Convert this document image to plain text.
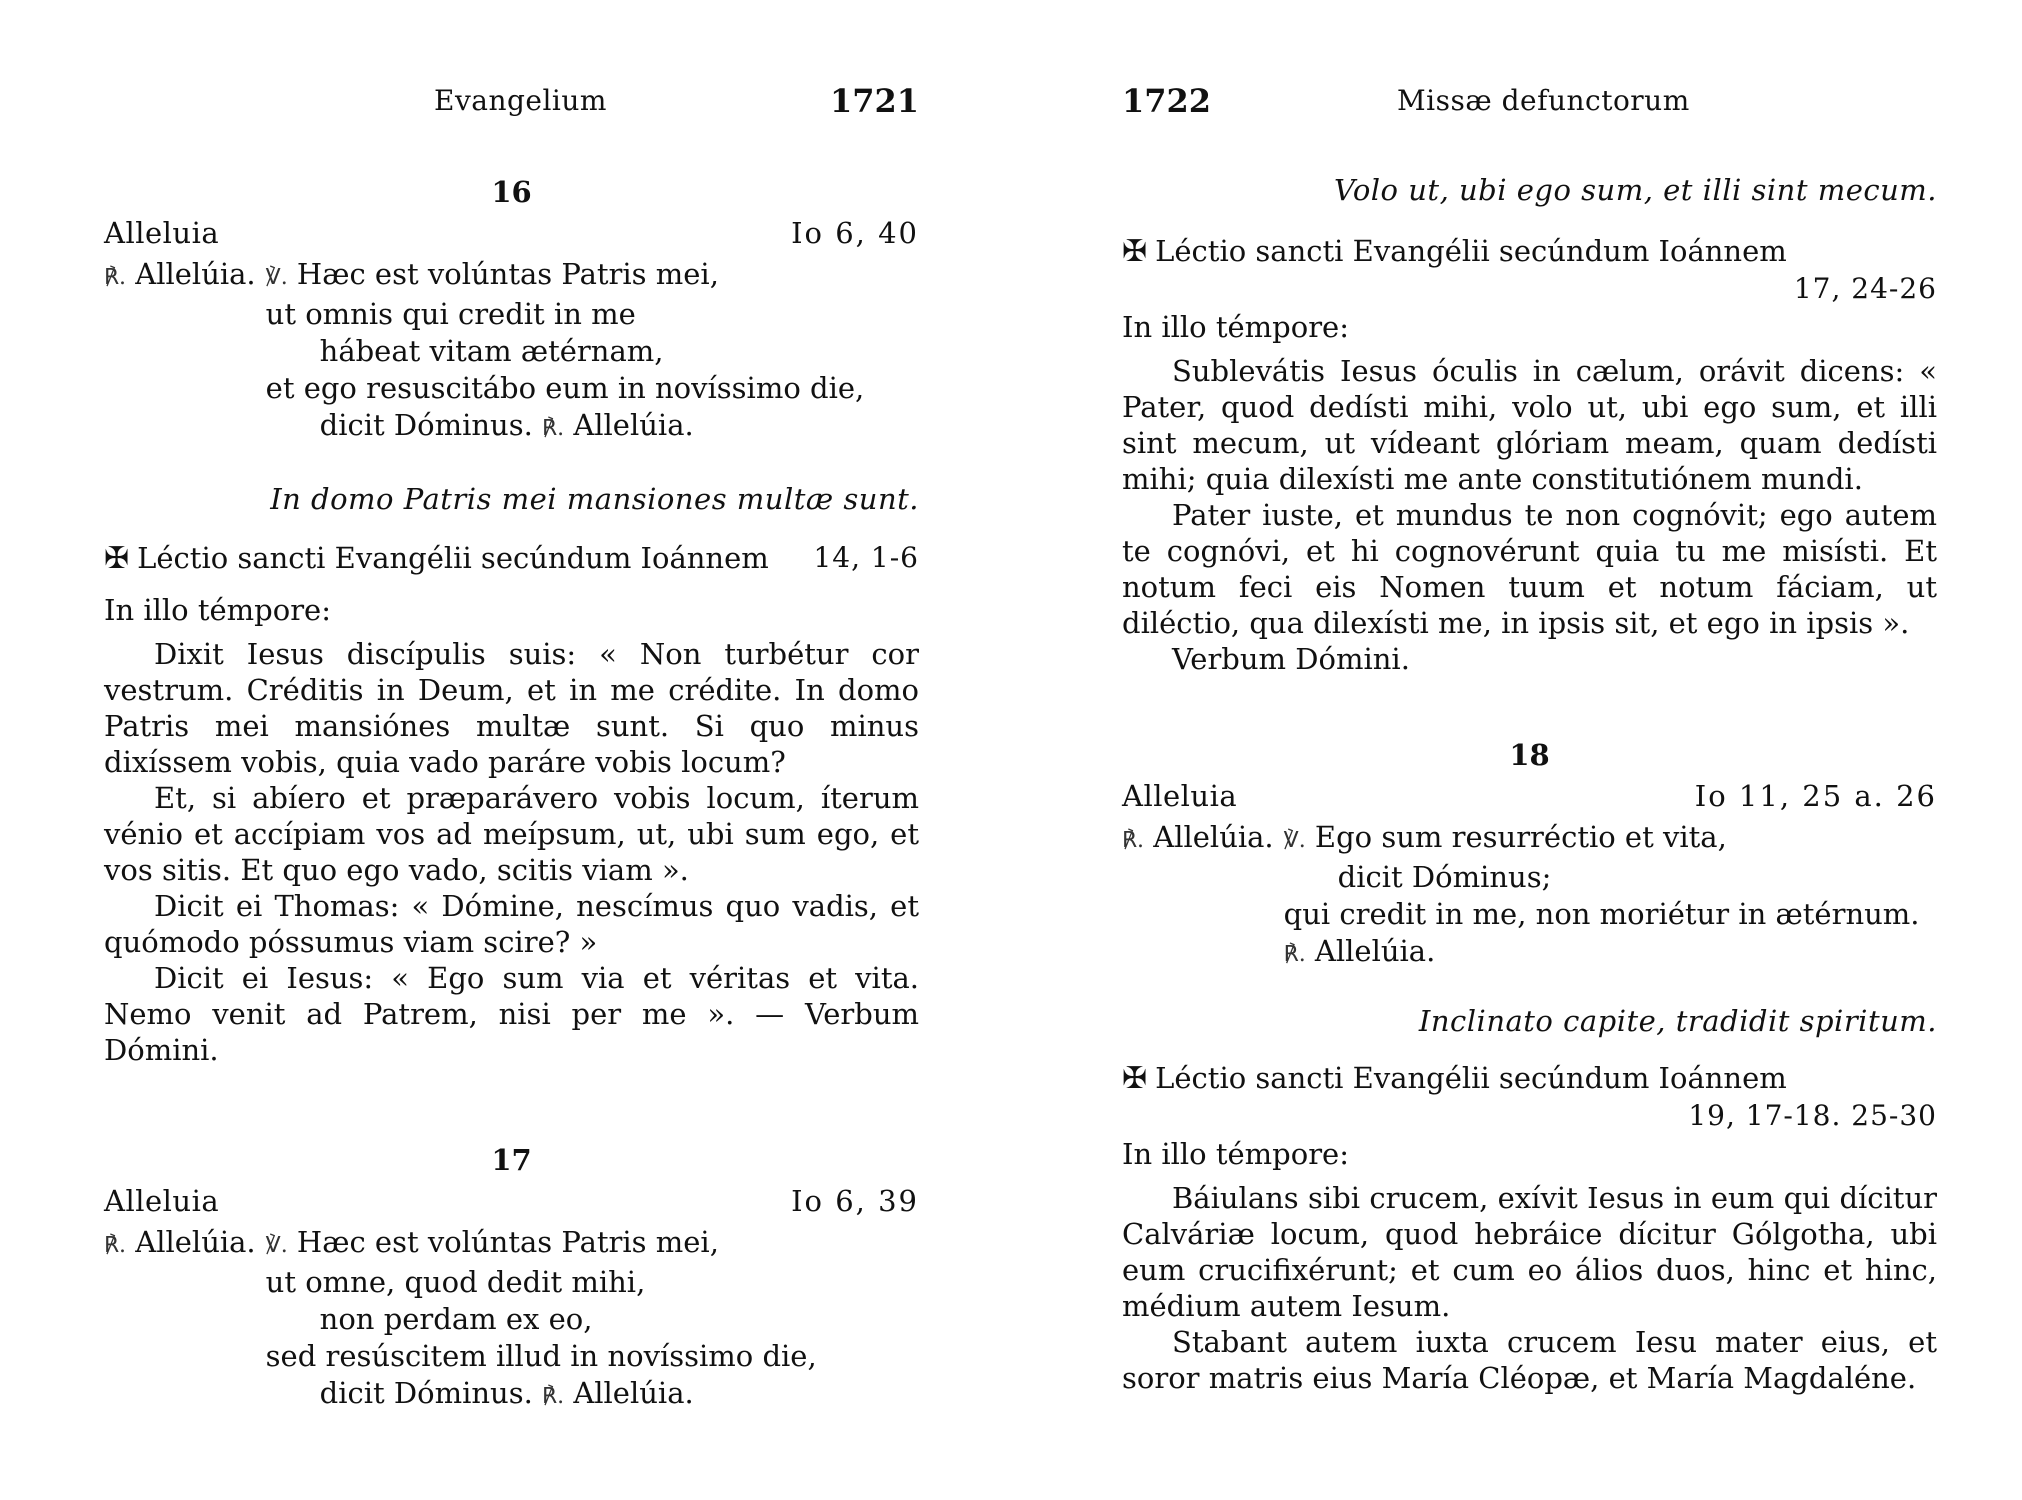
Evangelium	1721
16
Alleluia	Io 6, 40
℟. Allelúia. ℣. Hæc est volúntas Patris mei,
ut omnis qui credit in me
hábeat vitam ætérnam,
et ego resuscitábo eum in novíssimo die,
dicit Dóminus. ℟. Allelúia.
In domo Patris mei mansiones multæ sunt.
✠ Léctio sancti Evangélii secúndum Ioánnem 14, 1-6
In illo témpore:

Dixit Iesus discípulis suis: « Non turbétur cor vestrum. Créditis in Deum, et in me crédite. In domo Patris mei mansiónes multæ sunt. Si quo minus dixíssem vobis, quia vado paráre vobis locum?

Et, si abíero et præparávero vobis locum, íterum vénio et accípiam vos ad meípsum, ut, ubi sum ego, et vos sitis. Et quo ego vado, scitis viam ».

Dicit ei Thomas: « Dómine, nescímus quo vadis, et quómodo póssumus viam scire? »

Dicit ei Iesus: « Ego sum via et véritas et vita. Nemo venit ad Patrem, nisi per me ». — Verbum Dómini.

17
Alleluia	Io 6, 39
℟. Allelúia. ℣. Hæc est volúntas Patris mei,
ut omne, quod dedit mihi,
non perdam ex eo,
sed resúscitem illud in novíssimo die,
dicit Dóminus. ℟. Allelúia.
1722	Missæ defunctorum
Volo ut, ubi ego sum, et illi sint mecum.
✠ Léctio sancti Evangélii secúndum Ioánnem
17, 24-26
In illo témpore:

Sublevátis Iesus óculis in cælum, orávit dicens: « Pater, quod dedísti mihi, volo ut, ubi ego sum, et illi sint mecum, ut vídeant glóriam meam, quam dedísti mihi; quia dilexísti me ante constitutiónem mundi.

Pater iuste, et mundus te non cognóvit; ego autem te cognóvi, et hi cognovérunt quia tu me misísti. Et notum feci eis Nomen tuum et notum fáciam, ut diléctio, qua dilexísti me, in ipsis sit, et ego in ipsis ».

Verbum Dómini.

18
Alleluia	Io 11, 25 a. 26
℟. Allelúia. ℣. Ego sum resurréctio et vita,
dicit Dóminus;
qui credit in me, non moriétur in ætérnum.
℟. Allelúia.
Inclinato capite, tradidit spiritum.
✠ Léctio sancti Evangélii secúndum Ioánnem
19, 17-18. 25-30
In illo témpore:

Báiulans sibi crucem, exívit Iesus in eum qui dícitur Calváriæ locum, quod hebráice dícitur Gólgotha, ubi eum crucifixérunt; et cum eo álios duos, hinc et hinc, médium autem Iesum.

Stabant autem iuxta crucem Iesu mater eius, et soror matris eius María Cléopæ, et María Magdaléne.
